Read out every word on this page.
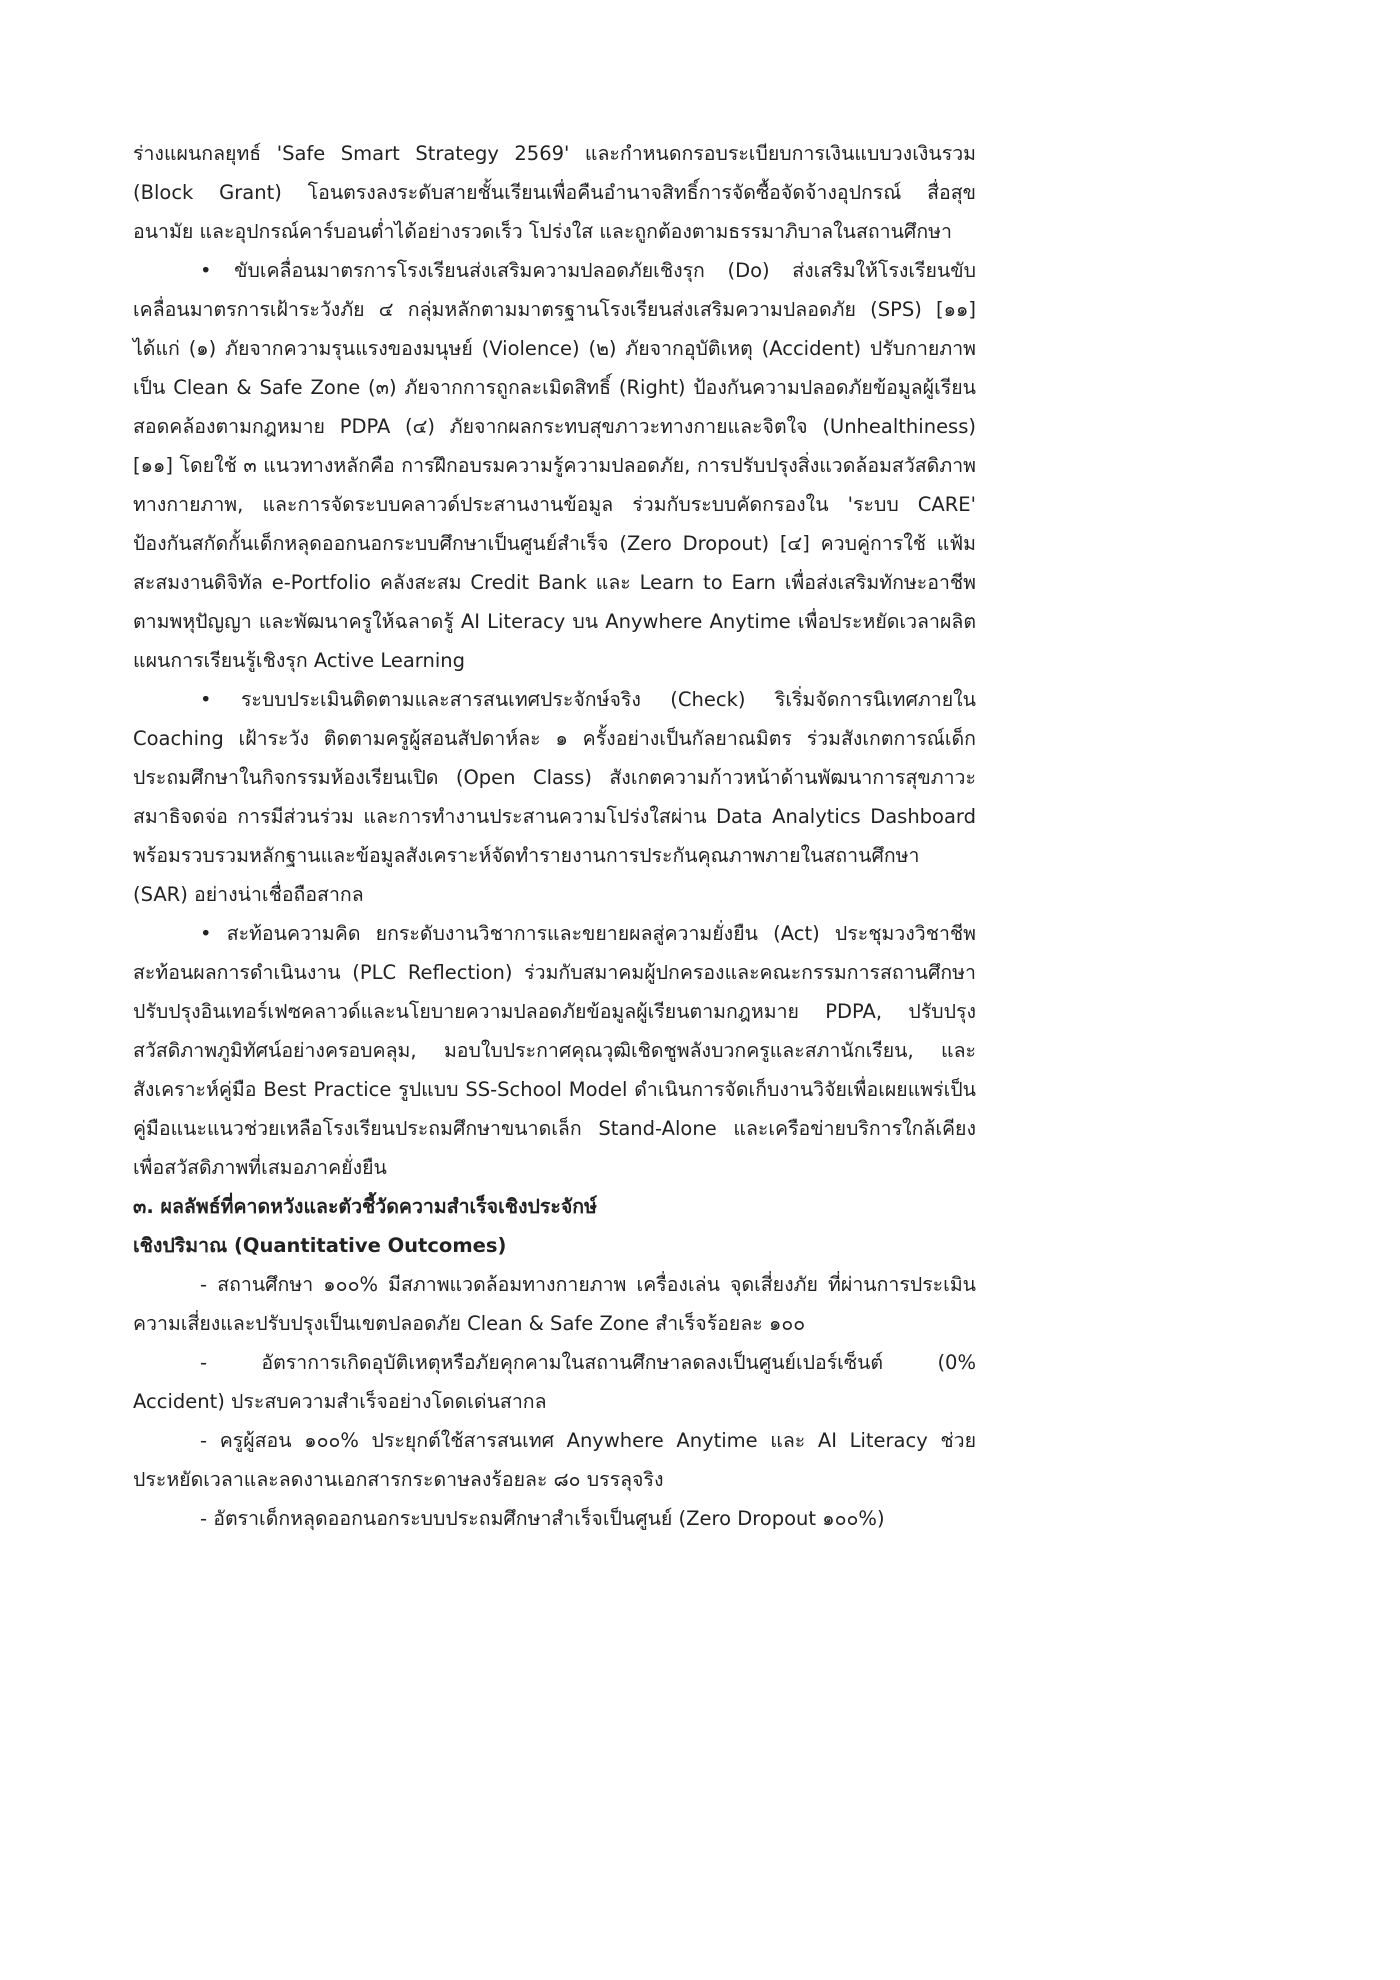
ร่างแผนกลยุทธ์ 'Safe Smart Strategy 2569' และกำหนดกรอบระเบียบการเงินแบบวงเงินรวม (Block Grant) โอนตรงลงระดับสายชั้นเรียนเพื่อคืนอำนาจสิทธิ์การจัดซื้อจัดจ้างอุปกรณ์ สื่อสุขอนามัย และอุปกรณ์คาร์บอนต่ำได้อย่างรวดเร็ว โปร่งใส และถูกต้องตามธรรมาภิบาลในสถานศึกษา

• ขับเคลื่อนมาตรการโรงเรียนส่งเสริมความปลอดภัยเชิงรุก (Do) ส่งเสริมให้โรงเรียนขับเคลื่อนมาตรการเฝ้าระวังภัย ๔ กลุ่มหลักตามมาตรฐานโรงเรียนส่งเสริมความปลอดภัย (SPS) [๑๑] ได้แก่ (๑) ภัยจากความรุนแรงของมนุษย์ (Violence) (๒) ภัยจากอุบัติเหตุ (Accident) ปรับกายภาพเป็น Clean & Safe Zone (๓) ภัยจากการถูกละเมิดสิทธิ์ (Right) ป้องกันความปลอดภัยข้อมูลผู้เรียนสอดคล้องตามกฎหมาย PDPA (๔) ภัยจากผลกระทบสุขภาวะทางกายและจิตใจ (Unhealthiness) [๑๑] โดยใช้ ๓ แนวทางหลักคือ การฝึกอบรมความรู้ความปลอดภัย, การปรับปรุงสิ่งแวดล้อมสวัสดิภาพทางกายภาพ, และการจัดระบบคลาวด์ประสานงานข้อมูล ร่วมกับระบบคัดกรองใน 'ระบบ CARE' ป้องกันสกัดกั้นเด็กหลุดออกนอกระบบศึกษาเป็นศูนย์สำเร็จ (Zero Dropout) [๔] ควบคู่การใช้ แฟ้มสะสมงานดิจิทัล e-Portfolio คลังสะสม Credit Bank และ Learn to Earn เพื่อส่งเสริมทักษะอาชีพตามพหุปัญญา และพัฒนาครูให้ฉลาดรู้ AI Literacy บน Anywhere Anytime เพื่อประหยัดเวลาผลิตแผนการเรียนรู้เชิงรุก Active Learning

• ระบบประเมินติดตามและสารสนเทศประจักษ์จริง (Check) ริเริ่มจัดการนิเทศภายใน Coaching เฝ้าระวัง ติดตามครูผู้สอนสัปดาห์ละ ๑ ครั้งอย่างเป็นกัลยาณมิตร ร่วมสังเกตการณ์เด็กประถมศึกษาในกิจกรรมห้องเรียนเปิด (Open Class) สังเกตความก้าวหน้าด้านพัฒนาการสุขภาวะ สมาธิจดจ่อ การมีส่วนร่วม และการทำงานประสานความโปร่งใสผ่าน Data Analytics Dashboard พร้อมรวบรวมหลักฐานและข้อมูลสังเคราะห์จัดทำรายงานการประกันคุณภาพภายในสถานศึกษา (SAR) อย่างน่าเชื่อถือสากล

• สะท้อนความคิด ยกระดับงานวิชาการและขยายผลสู่ความยั่งยืน (Act) ประชุมวงวิชาชีพสะท้อนผลการดำเนินงาน (PLC Reflection) ร่วมกับสมาคมผู้ปกครองและคณะกรรมการสถานศึกษา ปรับปรุงอินเทอร์เฟซคลาวด์และนโยบายความปลอดภัยข้อมูลผู้เรียนตามกฎหมาย PDPA, ปรับปรุงสวัสดิภาพภูมิทัศน์อย่างครอบคลุม, มอบใบประกาศคุณวุฒิเชิดชูพลังบวกครูและสภานักเรียน, และสังเคราะห์คู่มือ Best Practice รูปแบบ SS-School Model ดำเนินการจัดเก็บงานวิจัยเพื่อเผยแพร่เป็นคู่มือแนะแนวช่วยเหลือโรงเรียนประถมศึกษาขนาดเล็ก Stand-Alone และเครือข่ายบริการใกล้เคียงเพื่อสวัสดิภาพที่เสมอภาคยั่งยืน

๓. ผลลัพธ์ที่คาดหวังและตัวชี้วัดความสำเร็จเชิงประจักษ์

เชิงปริมาณ (Quantitative Outcomes)

- สถานศึกษา ๑๐๐% มีสภาพแวดล้อมทางกายภาพ เครื่องเล่น จุดเสี่ยงภัย ที่ผ่านการประเมินความเสี่ยงและปรับปรุงเป็นเขตปลอดภัย Clean & Safe Zone สำเร็จร้อยละ ๑๐๐

-	อัตราการเกิดอุบัติเหตุหรือภัยคุกคามในสถานศึกษาลดลงเป็นศูนย์เปอร์เซ็นต์ (0% Accident) ประสบความสำเร็จอย่างโดดเด่นสากล

- ครูผู้สอน ๑๐๐% ประยุกต์ใช้สารสนเทศ Anywhere Anytime และ AI Literacy ช่วยประหยัดเวลาและลดงานเอกสารกระดาษลงร้อยละ ๘๐ บรรลุจริง

- อัตราเด็กหลุดออกนอกระบบประถมศึกษาสำเร็จเป็นศูนย์ (Zero Dropout ๑๐๐%)
